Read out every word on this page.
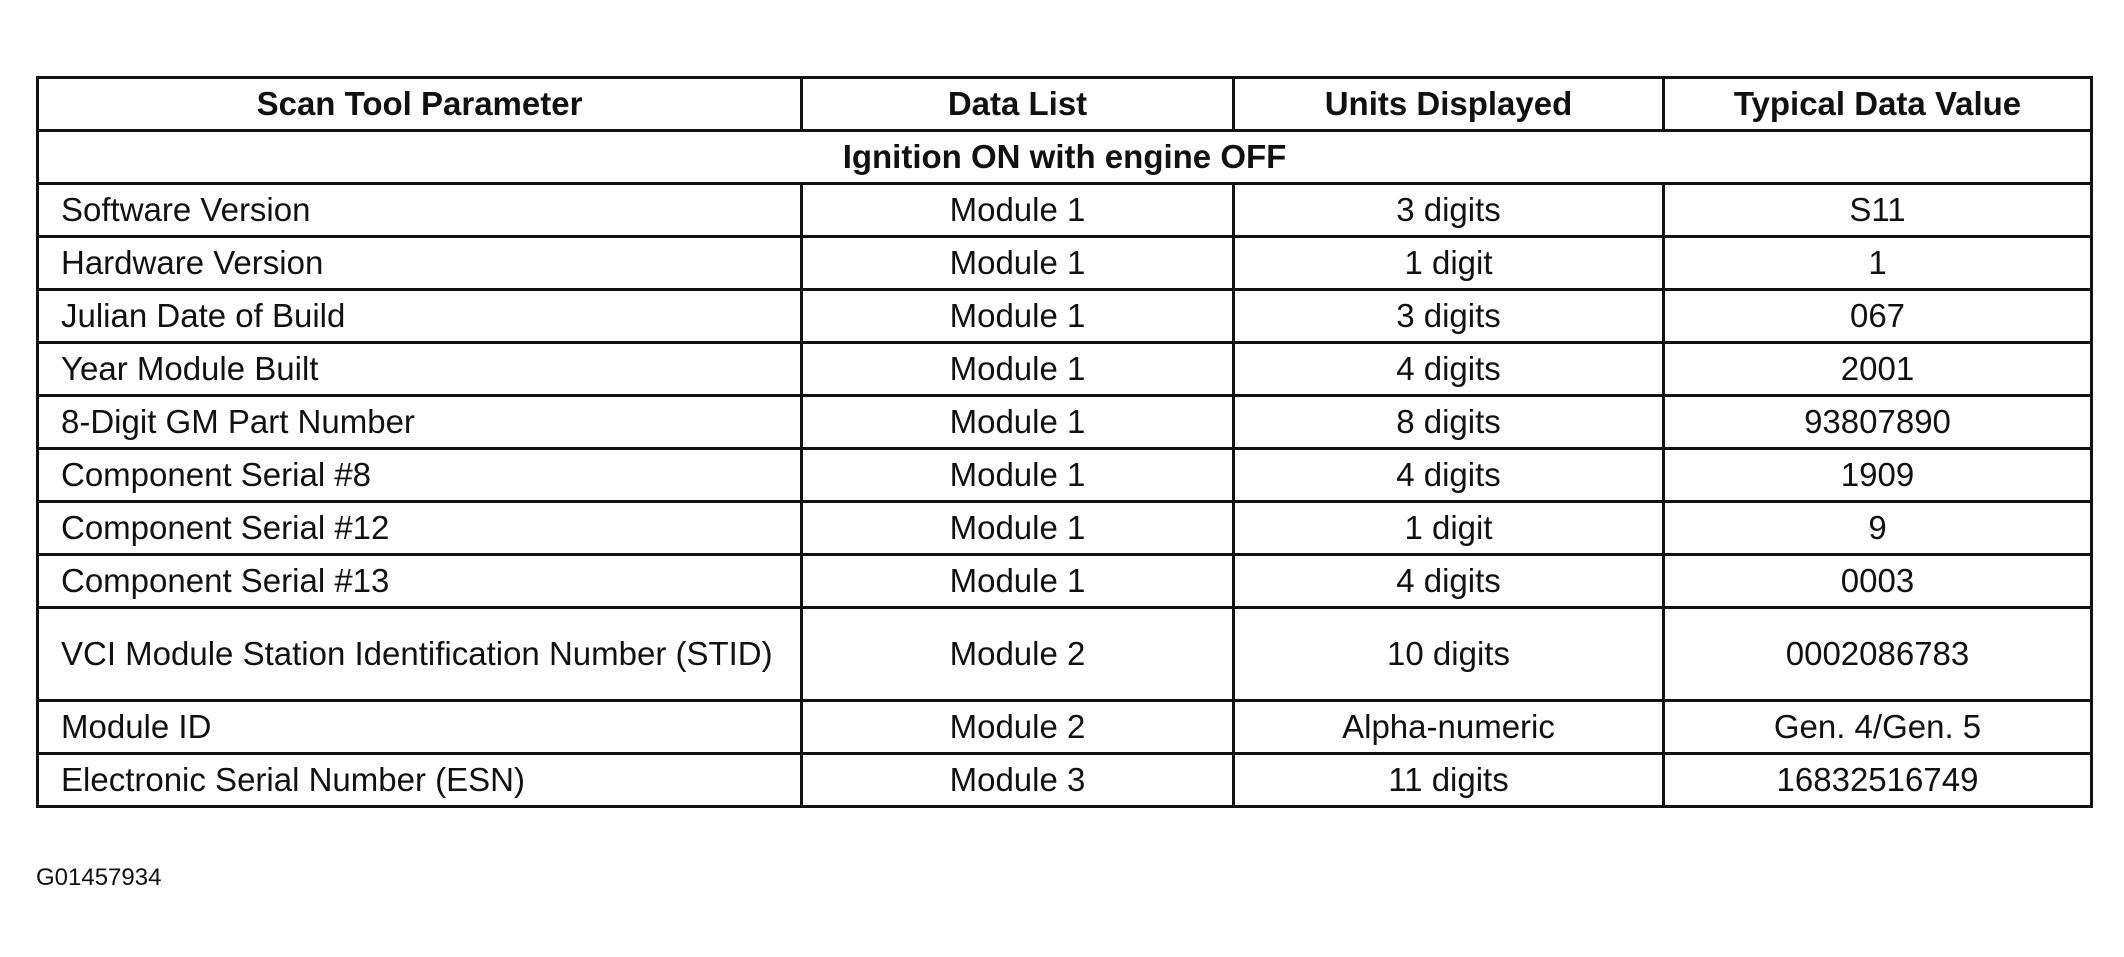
Scan Tool Parameter	Data List	Units Displayed	Typical Data Value
Ignition ON with engine OFF			
Software Version	Module 1	3 digits	S11
Hardware Version	Module 1	1 digit	1
Julian Date of Build	Module 1	3 digits	067
Year Module Built	Module 1	4 digits	2001
8-Digit GM Part Number	Module 1	8 digits	93807890
Component Serial #8	Module 1	4 digits	1909
Component Serial #12	Module 1	1 digit	9
Component Serial #13	Module 1	4 digits	0003
VCI Module Station Identification Number (STID)	Module 2	10 digits	0002086783
Module ID	Module 2	Alpha-numeric	Gen. 4/Gen. 5
Electronic Serial Number (ESN)	Module 3	11 digits	16832516749
G01457934
